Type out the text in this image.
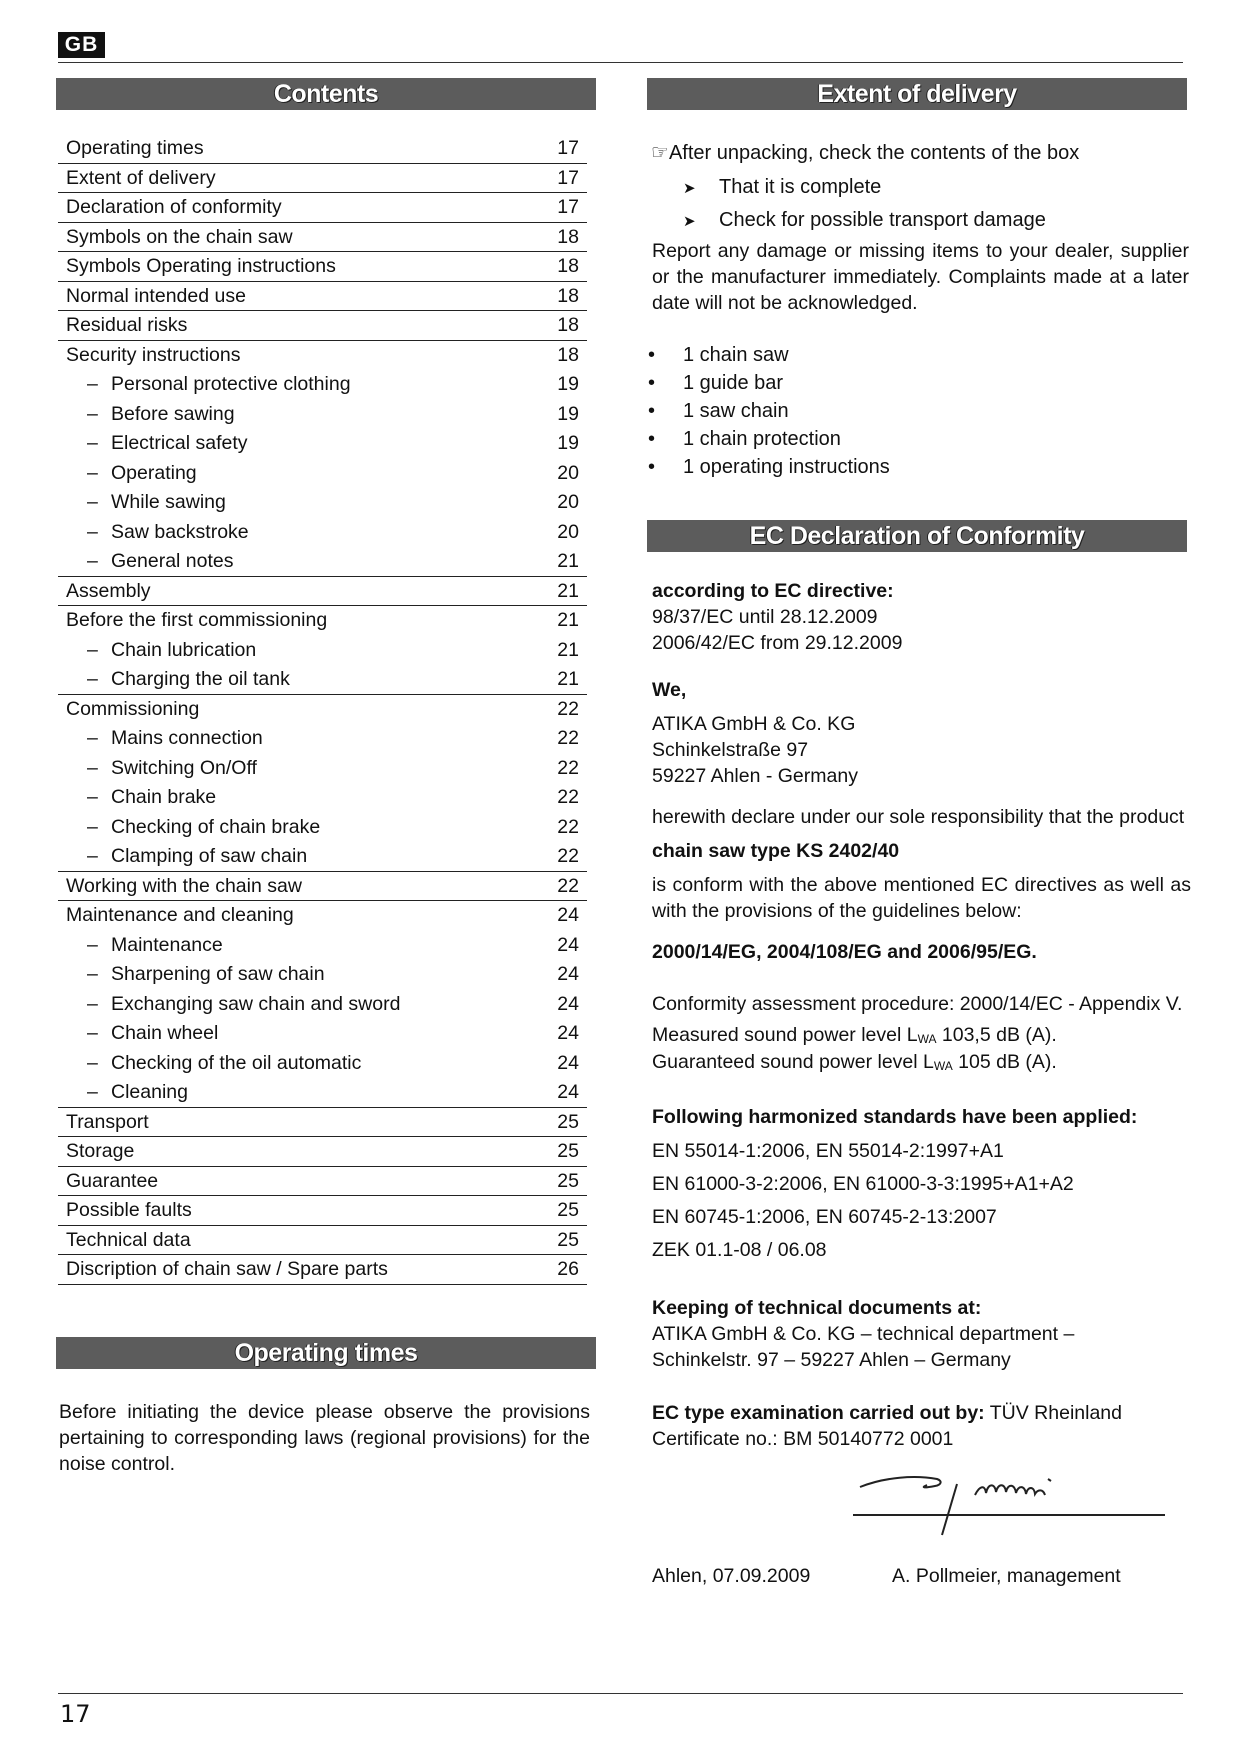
GB
Contents
Operating times	17
Extent of delivery	17
Declaration of conformity	17
Symbols on the chain saw	18
Symbols Operating instructions	18
Normal intended use	18
Residual risks	18
Security instructions	18
– Personal protective clothing	19
– Before sawing	19
– Electrical safety	19
– Operating	20
– While sawing	20
– Saw backstroke	20
– General notes	21
Assembly	21
Before the first commissioning	21
– Chain lubrication	21
– Charging the oil tank	21
Commissioning	22
– Mains connection	22
– Switching On/Off	22
– Chain brake	22
– Checking of chain brake	22
– Clamping of saw chain	22
Working with the chain saw	22
Maintenance and cleaning	24
– Maintenance	24
– Sharpening of saw chain	24
– Exchanging saw chain and sword	24
– Chain wheel	24
– Checking of the oil automatic	24
– Cleaning	24
Transport	25
Storage	25
Guarantee	25
Possible faults	25
Technical data	25
Discription of chain saw / Spare parts	26
Operating times
Before initiating the device please observe the provisions pertaining to corresponding laws (regional provisions) for the noise control.
Extent of delivery
☞After unpacking, check the contents of the box
➤ That it is complete
➤ Check for possible transport damage
Report any damage or missing items to your dealer, supplier or the manufacturer immediately. Complaints made at a later date will not be acknowledged.
• 1 chain saw
• 1 guide bar
• 1 saw chain
• 1 chain protection
• 1 operating instructions
EC Declaration of Conformity
according to EC directive:
98/37/EC until 28.12.2009
2006/42/EC from 29.12.2009
We,
ATIKA GmbH & Co. KG
Schinkelstraße 97
59227 Ahlen - Germany
herewith declare under our sole responsibility that the product
chain saw type KS 2402/40
is conform with the above mentioned EC directives as well as with the provisions of the guidelines below:
2000/14/EG, 2004/108/EG and 2006/95/EG.
Conformity assessment procedure: 2000/14/EC - Appendix V.
Measured sound power level LWA 103,5 dB (A).
Guaranteed sound power level LWA 105 dB (A).
Following harmonized standards have been applied:
EN 55014-1:2006, EN 55014-2:1997+A1
EN 61000-3-2:2006, EN 61000-3-3:1995+A1+A2
EN 60745-1:2006, EN 60745-2-13:2007
ZEK 01.1-08 / 06.08
Keeping of technical documents at:
ATIKA GmbH & Co. KG – technical department –
Schinkelstr. 97 – 59227 Ahlen – Germany
EC type examination carried out by: TÜV Rheinland
Certificate no.: BM 50140772 0001
Ahlen, 07.09.2009	A. Pollmeier, management
17
